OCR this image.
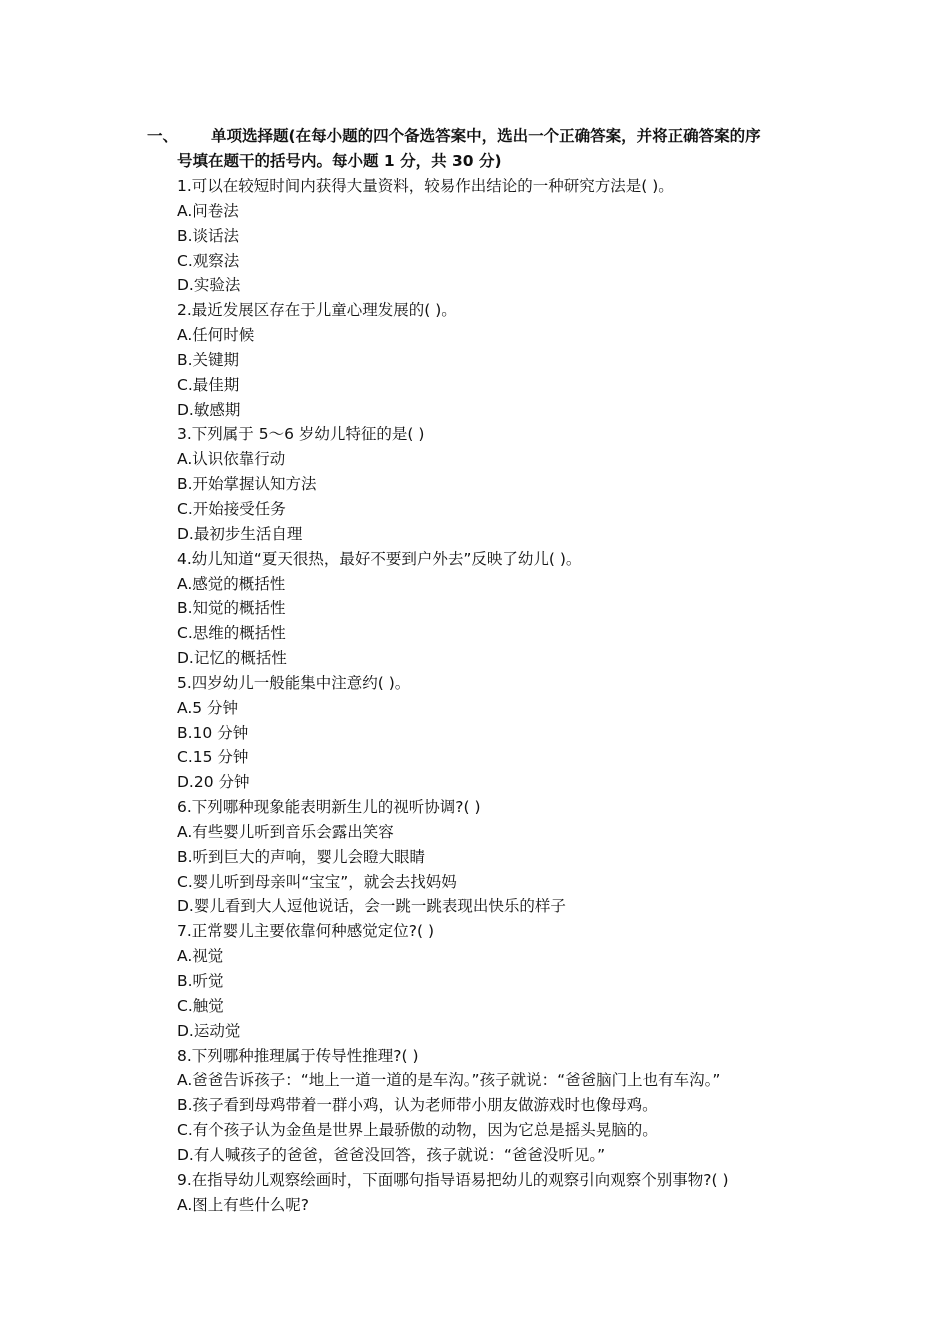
一、 单项选择题(在每小题的四个备选答案中，选出一个正确答案，并将正确答案的序
号填在题干的括号内。每小题 1 分，共 30 分)
1.可以在较短时间内获得大量资料，较易作出结论的一种研究方法是( )。
A.问卷法
B.谈话法
C.观察法
D.实验法
2.最近发展区存在于儿童心理发展的( )。
A.任何时候
B.关键期
C.最佳期
D.敏感期
3.下列属于 5～6 岁幼儿特征的是( )
A.认识依靠行动
B.开始掌握认知方法
C.开始接受任务
D.最初步生活自理
4.幼儿知道“夏天很热，最好不要到户外去”反映了幼儿( )。
A.感觉的概括性
B.知觉的概括性
C.思维的概括性
D.记忆的概括性
5.四岁幼儿一般能集中注意约( )。
A.5 分钟
B.10 分钟
C.15 分钟
D.20 分钟
6.下列哪种现象能表明新生儿的视听协调?( )
A.有些婴儿听到音乐会露出笑容
B.听到巨大的声响，婴儿会瞪大眼睛
C.婴儿听到母亲叫“宝宝”，就会去找妈妈
D.婴儿看到大人逗他说话，会一跳一跳表现出快乐的样子
7.正常婴儿主要依靠何种感觉定位?( )
A.视觉
B.听觉
C.触觉
D.运动觉
8.下列哪种推理属于传导性推理?( )
A.爸爸告诉孩子：“地上一道一道的是车沟。”孩子就说：“爸爸脑门上也有车沟。”
B.孩子看到母鸡带着一群小鸡，认为老师带小朋友做游戏时也像母鸡。
C.有个孩子认为金鱼是世界上最骄傲的动物，因为它总是摇头晃脑的。
D.有人喊孩子的爸爸，爸爸没回答，孩子就说：“爸爸没听见。”
9.在指导幼儿观察绘画时，下面哪句指导语易把幼儿的观察引向观察个别事物?( )
A.图上有些什么呢?
